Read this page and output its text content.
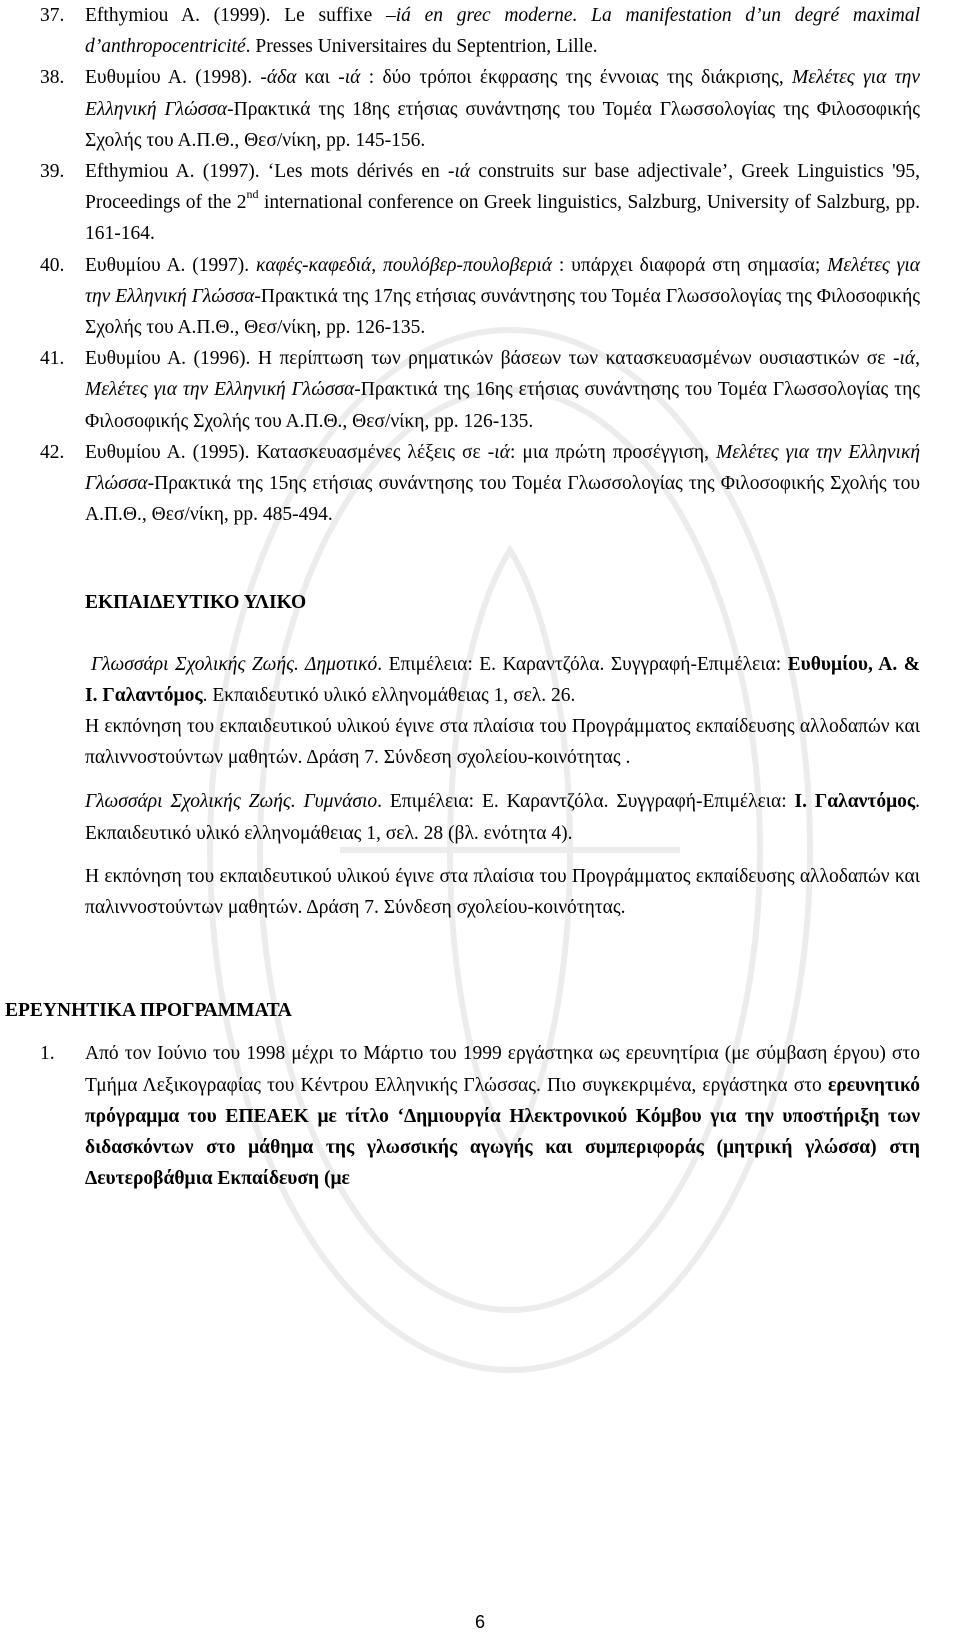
37. Efthymiou A. (1999). Le suffixe –iá en grec moderne. La manifestation d’un degré maximal d’anthropocentricité. Presses Universitaires du Septentrion, Lille.

38. Ευθυμίου Α. (1998). -άδα και -ιά : δύο τρόποι έκφρασης της έννοιας της διάκρισης, Μελέτες για την Ελληνική Γλώσσα-Πρακτικά της 18ης ετήσιας συνάντησης του Τομέα Γλωσσολογίας της Φιλοσοφικής Σχολής του Α.Π.Θ., Θεσ/νίκη, pp. 145-156.

39. Efthymiou A. (1997). ‘Les mots dérivés en -ιά construits sur base adjectivale’, Greek Linguistics '95, Proceedings of the 2nd international conference on Greek linguistics, Salzburg, University of Salzburg, pp. 161-164.

40. Ευθυμίου Α. (1997). καφές-καφεδιά, πουλόβερ-πουλοβεριά : υπάρχει διαφορά στη σημασία; Μελέτες για την Ελληνική Γλώσσα-Πρακτικά της 17ης ετήσιας συνάντησης του Τομέα Γλωσσολογίας της Φιλοσοφικής Σχολής του Α.Π.Θ., Θεσ/νίκη, pp. 126-135.

41. Ευθυμίου Α. (1996). Η περίπτωση των ρηματικών βάσεων των κατασκευασμένων ουσιαστικών σε -ιά, Μελέτες για την Ελληνική Γλώσσα-Πρακτικά της 16ης ετήσιας συνάντησης του Τομέα Γλωσσολογίας της Φιλοσοφικής Σχολής του Α.Π.Θ., Θεσ/νίκη, pp. 126-135.

42. Ευθυμίου Α. (1995). Κατασκευασμένες λέξεις σε -ιά: μια πρώτη προσέγγιση, Μελέτες για την Ελληνική Γλώσσα-Πρακτικά της 15ης ετήσιας συνάντησης του Τομέα Γλωσσολογίας της Φιλοσοφικής Σχολής του Α.Π.Θ., Θεσ/νίκη, pp. 485-494.

ΕΚΠΑΙΔΕΥΤΙΚΟ ΥΛΙΚΟ

Γλωσσάρι Σχολικής Ζωής. Δημοτικό. Επιμέλεια: Ε. Καραντζόλα. Συγγραφή-Επιμέλεια: Ευθυμίου, Α. & Ι. Γαλαντόμος. Εκπαιδευτικό υλικό ελληνομάθειας 1, σελ. 26.

Η εκπόνηση του εκπαιδευτικού υλικού έγινε στα πλαίσια του Προγράμματος εκπαίδευσης αλλοδαπών και παλιννοστούντων μαθητών. Δράση 7. Σύνδεση σχολείου-κοινότητας .

Γλωσσάρι Σχολικής Ζωής. Γυμνάσιο. Επιμέλεια: Ε. Καραντζόλα. Συγγραφή-Επιμέλεια: Ι. Γαλαντόμος. Εκπαιδευτικό υλικό ελληνομάθειας 1, σελ. 28 (βλ. ενότητα 4).

Η εκπόνηση του εκπαιδευτικού υλικού έγινε στα πλαίσια του Προγράμματος εκπαίδευσης αλλοδαπών και παλιννοστούντων μαθητών. Δράση 7. Σύνδεση σχολείου-κοινότητας.

ΕΡΕΥΝΗΤΙΚΑ ΠΡΟΓΡΑΜΜΑΤΑ
1. Από τον Ιούνιο του 1998 μέχρι το Μάρτιο του 1999 εργάστηκα ως ερευνητίρια (με σύμβαση έργου) στο Τμήμα Λεξικογραφίας του Κέντρου Ελληνικής Γλώσσας. Πιο συγκεκριμένα, εργάστηκα στο ερευνητικό πρόγραμμα του ΕΠΕΑΕΚ με τίτλο ‘Δημιουργία Ηλεκτρονικού Κόμβου για την υποστήριξη των διδασκόντων στο μάθημα της γλωσσικής αγωγής και συμπεριφοράς (μητρική γλώσσα) στη Δευτεροβάθμια Εκπαίδευση (με

6
